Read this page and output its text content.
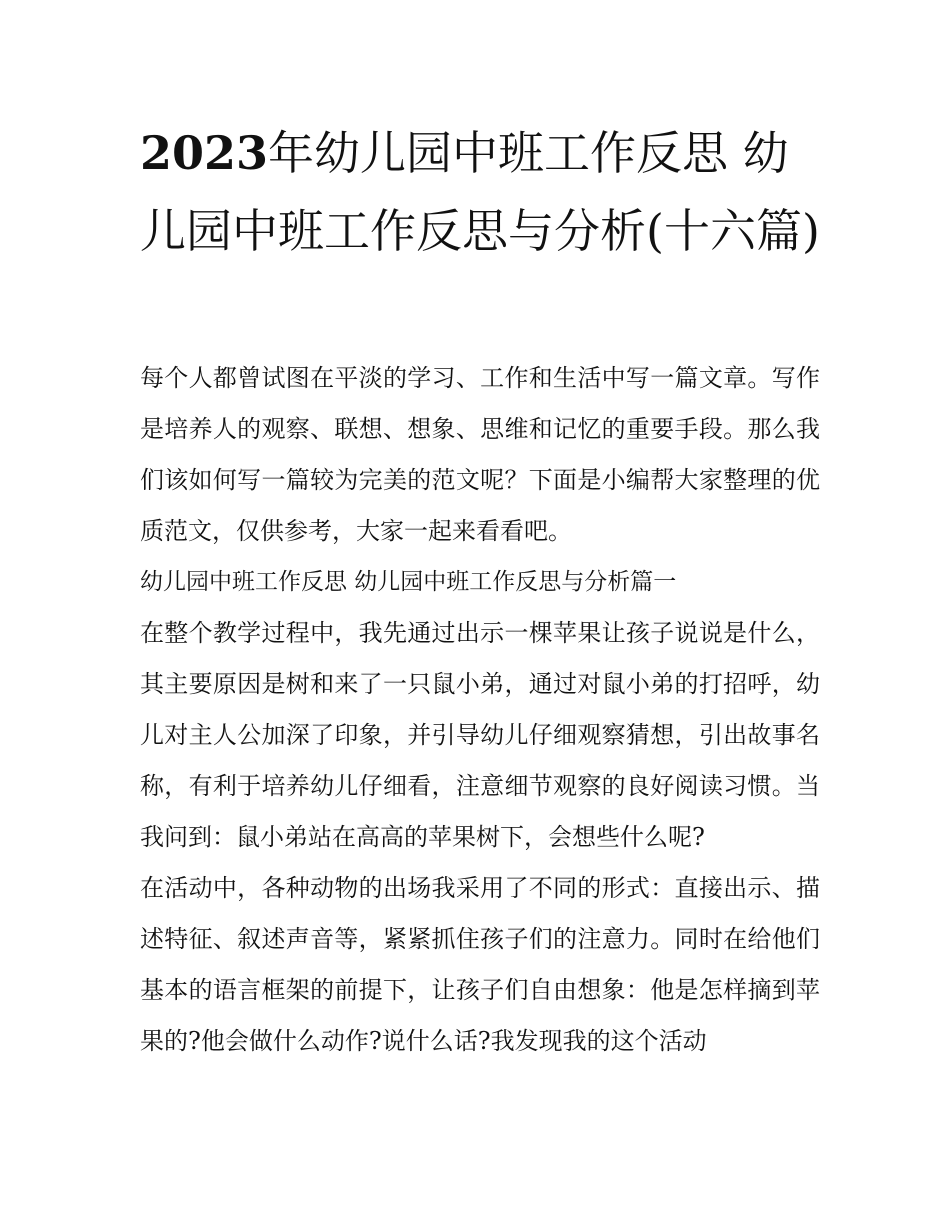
2023年幼儿园中班工作反思 幼儿园中班工作反思与分析(十六篇)

每个人都曾试图在平淡的学习、工作和生活中写一篇文章。写作是培养人的观察、联想、想象、思维和记忆的重要手段。那么我们该如何写一篇较为完美的范文呢？下面是小编帮大家整理的优质范文，仅供参考，大家一起来看看吧。

幼儿园中班工作反思 幼儿园中班工作反思与分析篇一

在整个教学过程中，我先通过出示一棵苹果让孩子说说是什么，其主要原因是树和来了一只鼠小弟，通过对鼠小弟的打招呼，幼儿对主人公加深了印象，并引导幼儿仔细观察猜想，引出故事名称，有利于培养幼儿仔细看，注意细节观察的良好阅读习惯。当我问到：鼠小弟站在高高的苹果树下，会想些什么呢?

在活动中，各种动物的出场我采用了不同的形式：直接出示、描述特征、叙述声音等，紧紧抓住孩子们的注意力。同时在给他们基本的语言框架的前提下，让孩子们自由想象：他是怎样摘到苹果的?他会做什么动作?说什么话?我发现我的这个活动
